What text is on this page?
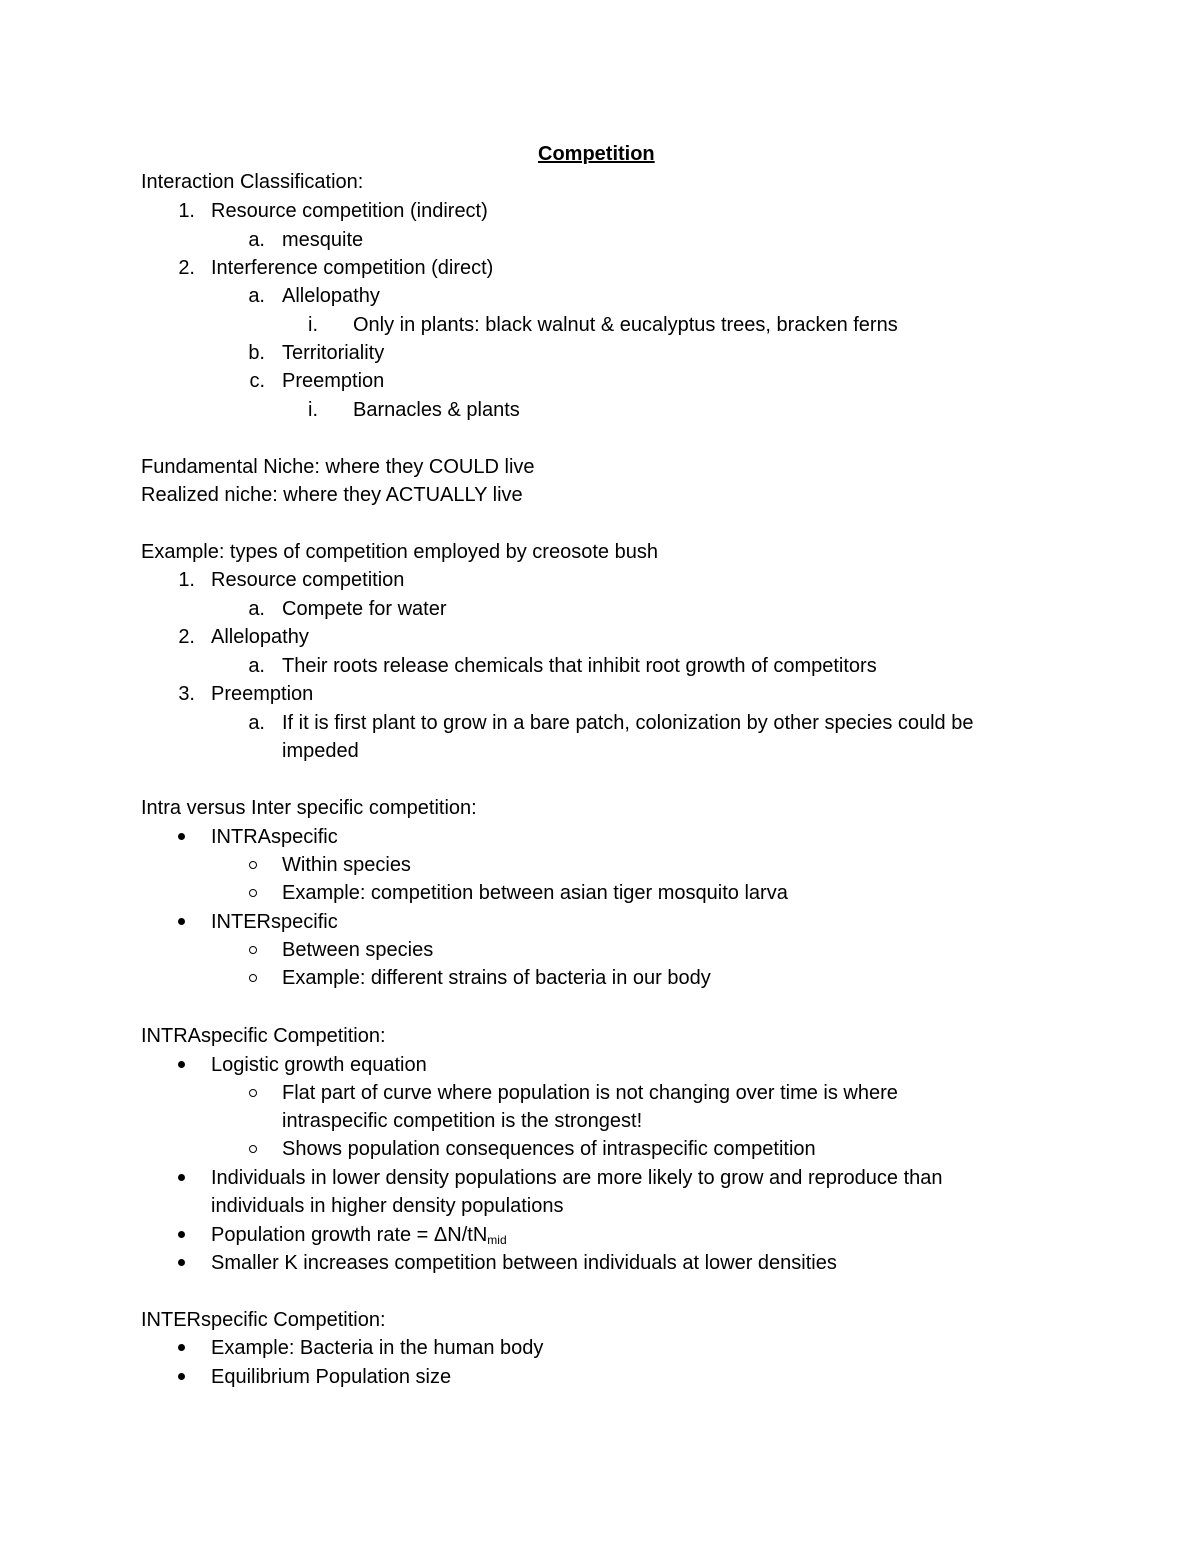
Competition
Interaction Classification:
1. Resource competition (indirect)
a. mesquite
2. Interference competition (direct)
a. Allelopathy
i. Only in plants: black walnut & eucalyptus trees, bracken ferns
b. Territoriality
c. Preemption
i. Barnacles & plants
Fundamental Niche: where they COULD live
Realized niche: where they ACTUALLY live
Example: types of competition employed by creosote bush
1. Resource competition
a. Compete for water
2. Allelopathy
a. Their roots release chemicals that inhibit root growth of competitors
3. Preemption
a. If it is first plant to grow in a bare patch, colonization by other species could be
impeded
Intra versus Inter specific competition:
INTRAspecific
Within species
Example: competition between asian tiger mosquito larva
INTERspecific
Between species
Example: different strains of bacteria in our body
INTRAspecific Competition:
Logistic growth equation
Flat part of curve where population is not changing over time is where
intraspecific competition is the strongest!
Shows population consequences of intraspecific competition
Individuals in lower density populations are more likely to grow and reproduce than
individuals in higher density populations
Population growth rate = $\Delta N/tN_{mid}$
Smaller K increases competition between individuals at lower densities
INTERspecific Competition:
Example: Bacteria in the human body
Equilibrium Population size
